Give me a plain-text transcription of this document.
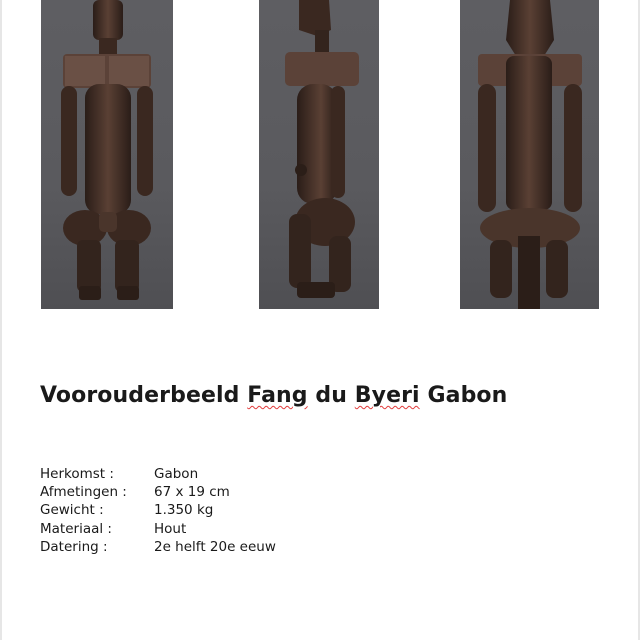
Voorouderbeeld Fang du Byeri Gabon
Herkomst :	Gabon
Afmetingen :	67 x 19 cm
Gewicht :	1.350 kg
Materiaal :	Hout
Datering :	2e helft 20e eeuw
